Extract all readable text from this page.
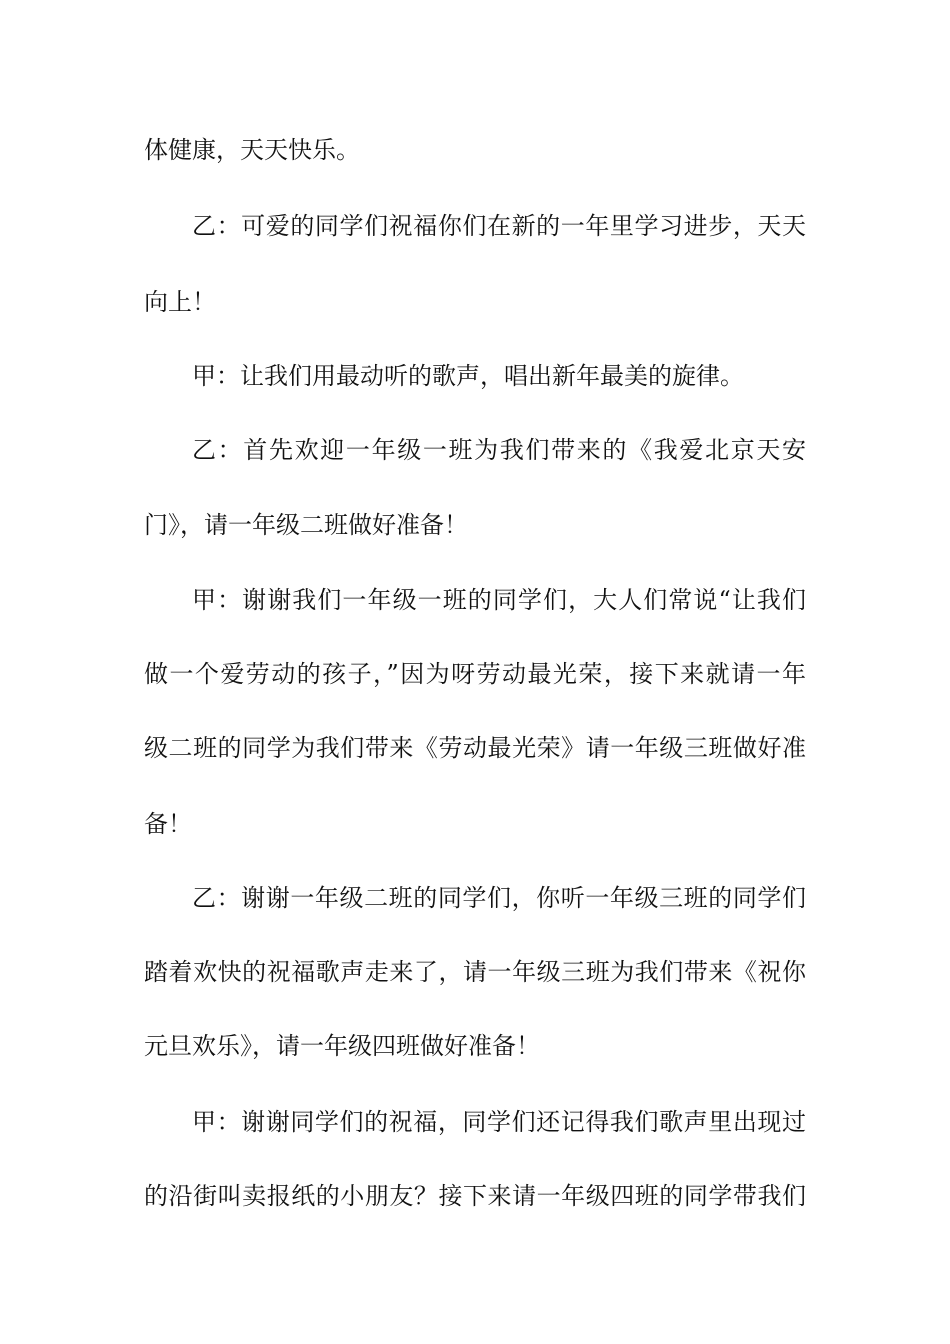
体健康，天天快乐。

乙：可爱的同学们祝福你们在新的一年里学习进步，天天

向上！

甲：让我们用最动听的歌声，唱出新年最美的旋律。

乙：首先欢迎一年级一班为我们带来的《我爱北京天安

门》，请一年级二班做好准备！

甲：谢谢我们一年级一班的同学们，大人们常说“让我们

做一个爱劳动的孩子，”因为呀劳动最光荣，接下来就请一年

级二班的同学为我们带来《劳动最光荣》请一年级三班做好准

备！

乙：谢谢一年级二班的同学们，你听一年级三班的同学们

踏着欢快的祝福歌声走来了，请一年级三班为我们带来《祝你

元旦欢乐》，请一年级四班做好准备！

甲：谢谢同学们的祝福，同学们还记得我们歌声里出现过

的沿街叫卖报纸的小朋友？接下来请一年级四班的同学带我们
